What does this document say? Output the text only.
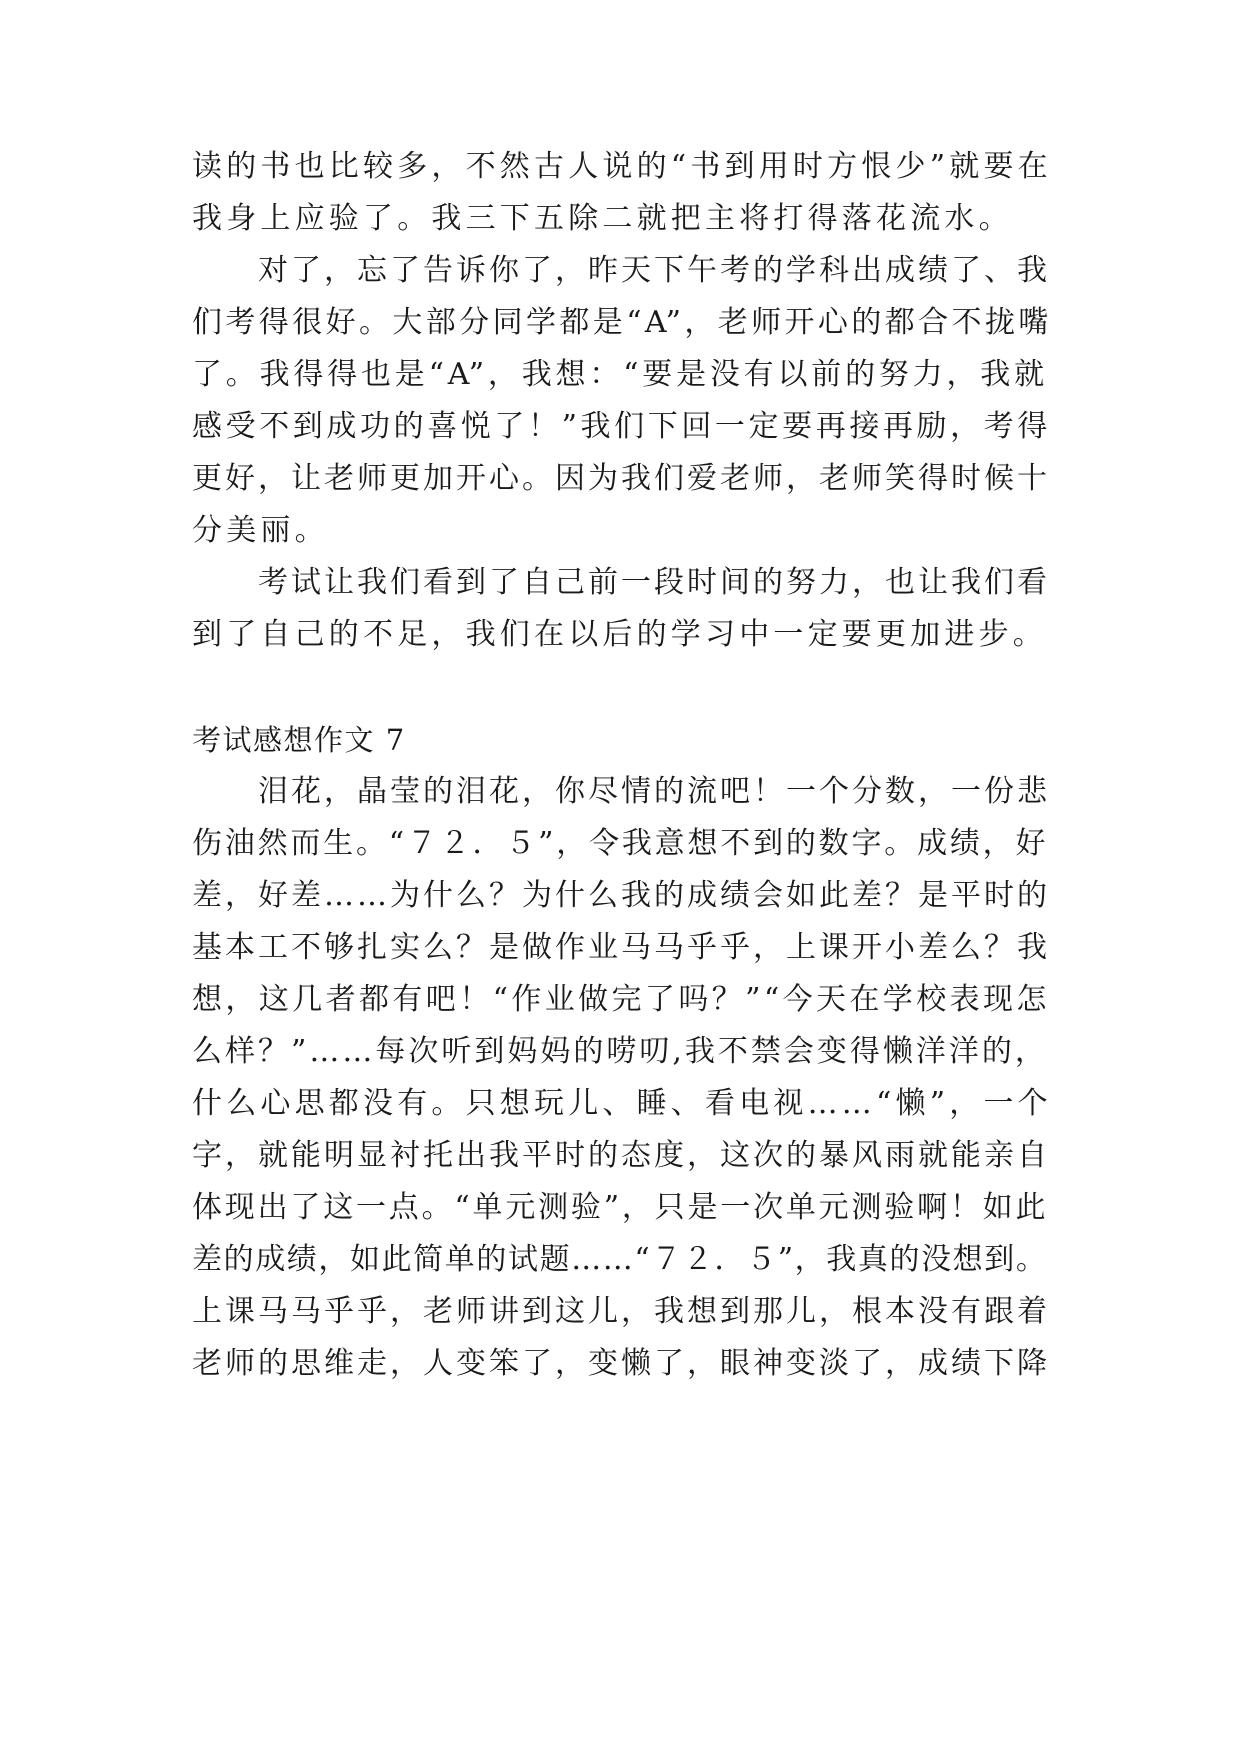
读的书也比较多，不然古人说的“书到用时方恨少”就要在
我身上应验了。我三下五除二就把主将打得落花流水。
　　对了，忘了告诉你了，昨天下午考的学科出成绩了、我
们考得很好。大部分同学都是“A”，老师开心的都合不拢嘴
了。我得得也是“A”，我想：“要是没有以前的努力，我就
感受不到成功的喜悦了！”我们下回一定要再接再励，考得
更好，让老师更加开心。因为我们爱老师，老师笑得时候十
分美丽。
　　考试让我们看到了自己前一段时间的努力，也让我们看
到了自己的不足，我们在以后的学习中一定要更加进步。
考试感想作文 7
　　泪花，晶莹的泪花，你尽情的流吧！一个分数，一份悲
伤油然而生。“７２．５”，令我意想不到的数字。成绩，好
差，好差……为什么？为什么我的成绩会如此差？是平时的
基本工不够扎实么？是做作业马马乎乎，上课开小差么？我
想，这几者都有吧！“作业做完了吗？”“今天在学校表现怎
么样？”……每次听到妈妈的唠叨,我不禁会变得懒洋洋的，
什么心思都没有。只想玩儿、睡、看电视……“懒”，一个
字，就能明显衬托出我平时的态度，这次的暴风雨就能亲自
体现出了这一点。“单元测验”，只是一次单元测验啊！如此
差的成绩，如此简单的试题……“７２．５”，我真的没想到。
上课马马乎乎，老师讲到这儿，我想到那儿，根本没有跟着
老师的思维走，人变笨了，变懒了，眼神变淡了，成绩下降
